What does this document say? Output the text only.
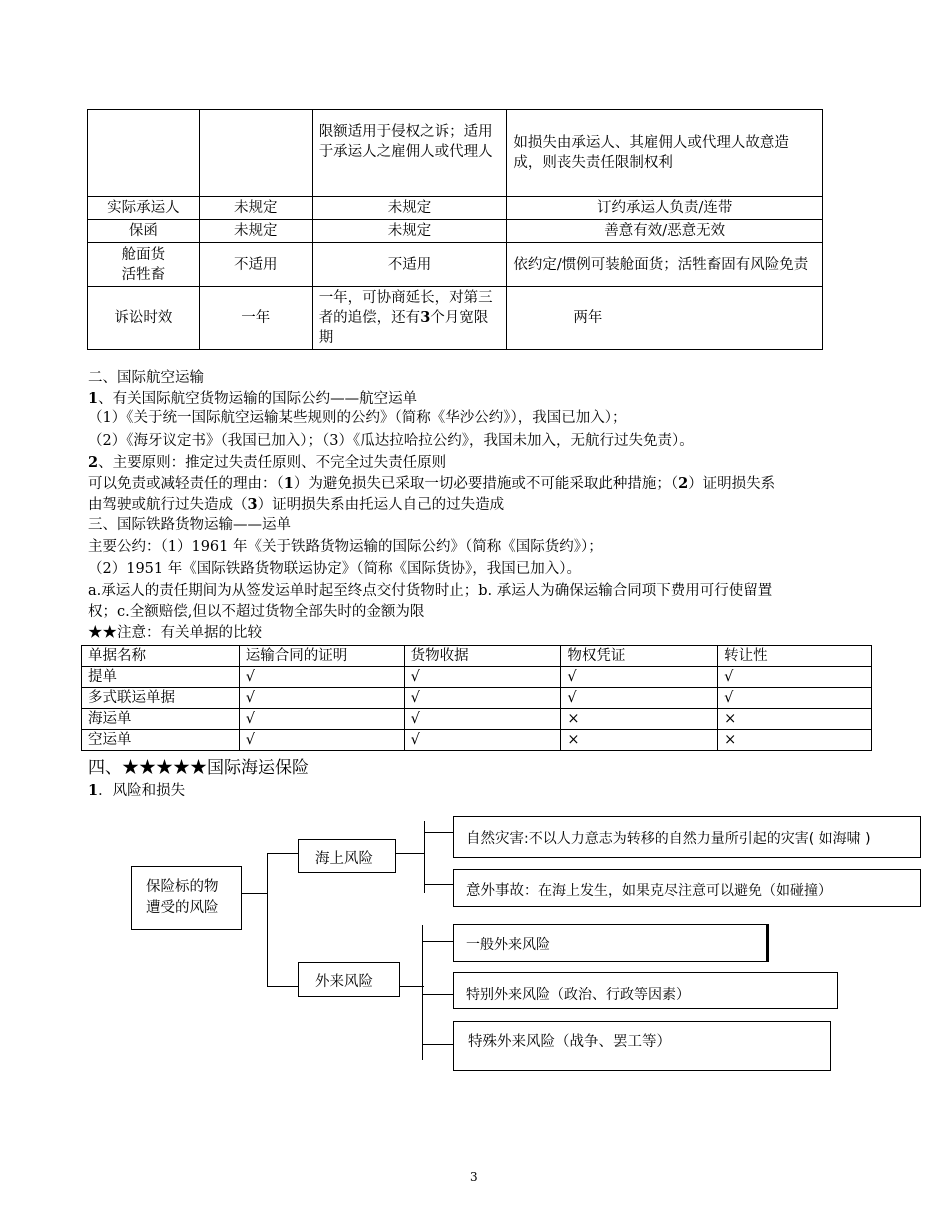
		限额适用于侵权之诉；适用于承运人之雇佣人或代理人	如损失由承运人、其雇佣人或代理人故意造成，则丧失责任限制权利
实际承运人	未规定	未规定	订约承运人负责/连带
保函	未规定	未规定	善意有效/恶意无效
舱面货
活牲畜	不适用	不适用	依约定/惯例可装舱面货；活牲畜固有风险免责
诉讼时效	一年	一年，可协商延长，对第三者的追偿，还有3个月宽限期	两年
二、国际航空运输
1、有关国际航空货物运输的国际公约——航空运单
（1）《关于统一国际航空运输某些规则的公约》（简称《华沙公约》），我国已加入）；
（2）《海牙议定书》（我国已加入）；（3）《瓜达拉哈拉公约》，我国未加入，无航行过失免责）。
2、主要原则：推定过失责任原则、不完全过失责任原则
可以免责或减轻责任的理由：（1）为避免损失已采取一切必要措施或不可能采取此种措施；（2）证明损失系
由驾驶或航行过失造成（3）证明损失系由托运人自己的过失造成
三、国际铁路货物运输——运单
主要公约：（1）1961 年《关于铁路货物运输的国际公约》（简称《国际货约》）；
（2）1951 年《国际铁路货物联运协定》（简称《国际货协》，我国已加入）。
a.承运人的责任期间为从签发运单时起至终点交付货物时止；b. 承运人为确保运输合同项下费用可行使留置
权；c.全额赔偿,但以不超过货物全部失时的金额为限
★★注意：有关单据的比较
单据名称	运输合同的证明	货物收据	物权凭证	转让性
提单	√	√	√	√
多式联运单据	√	√	√	√
海运单	√	√	×	×
空运单	√	√	×	×
四、★★★★★国际海运保险
1．风险和损失
保险标的物
遭受的风险
海上风险
外来风险
自然灾害:不以人力意志为转移的自然力量所引起的灾害( 如海啸 )
意外事故：在海上发生，如果克尽注意可以避免（如碰撞）
一般外来风险
特别外来风险（政治、行政等因素）
特殊外来风险（战争、罢工等）
3
